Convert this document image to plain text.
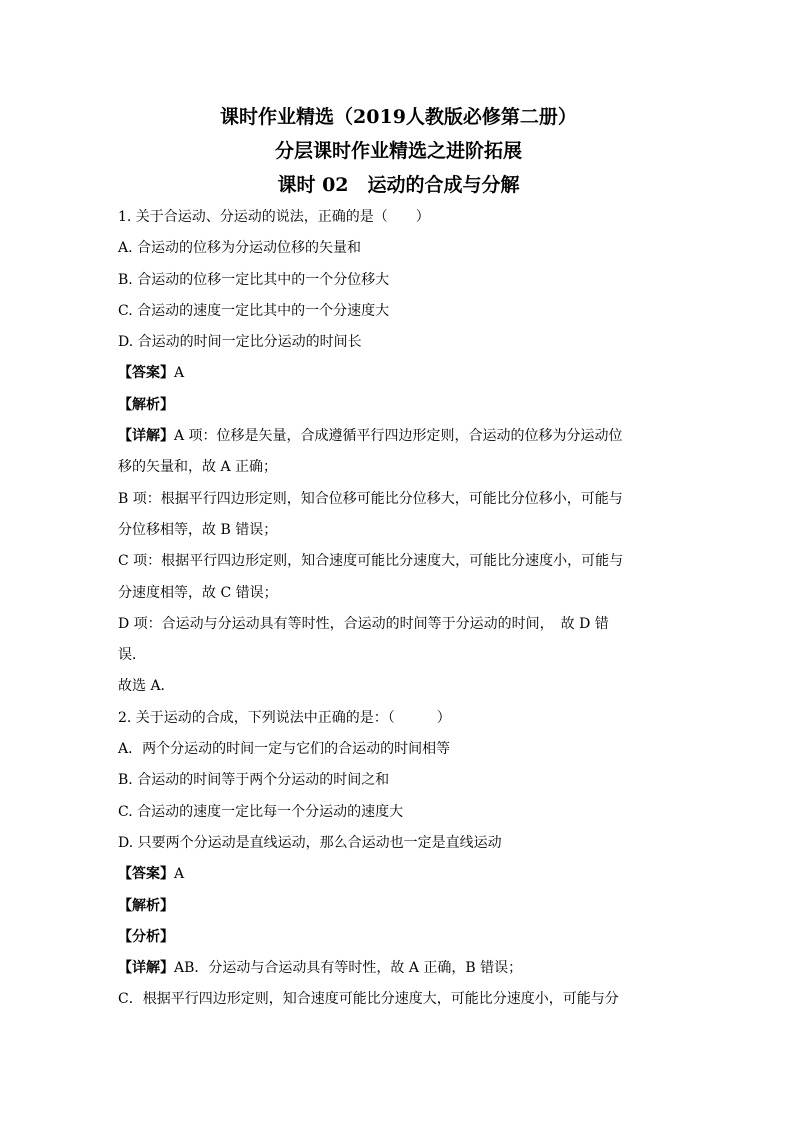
课时作业精选（2019人教版必修第二册）

分层课时作业精选之进阶拓展

课时 02　运动的合成与分解

1. 关于合运动、分运动的说法，正确的是（　　）

A. 合运动的位移为分运动位移的矢量和

B. 合运动的位移一定比其中的一个分位移大

C. 合运动的速度一定比其中的一个分速度大

D. 合运动的时间一定比分运动的时间长

【答案】A

【解析】

【详解】A 项：位移是矢量，合成遵循平行四边形定则，合运动的位移为分运动位

移的矢量和，故 A 正确；

B 项：根据平行四边形定则，知合位移可能比分位移大，可能比分位移小，可能与

分位移相等，故 B 错误；

C 项：根据平行四边形定则，知合速度可能比分速度大，可能比分速度小，可能与

分速度相等，故 C 错误；

D 项：合运动与分运动具有等时性，合运动的时间等于分运动的时间，　故 D 错

误．

故选 A．

2. 关于运动的合成，下列说法中正确的是：（　　　）

A．两个分运动的时间一定与它们的合运动的时间相等

B. 合运动的时间等于两个分运动的时间之和

C. 合运动的速度一定比每一个分运动的速度大

D. 只要两个分运动是直线运动，那么合运动也一定是直线运动

【答案】A

【解析】

【分析】

【详解】AB．分运动与合运动具有等时性，故 A 正确，B 错误；

C．根据平行四边形定则，知合速度可能比分速度大，可能比分速度小，可能与分
